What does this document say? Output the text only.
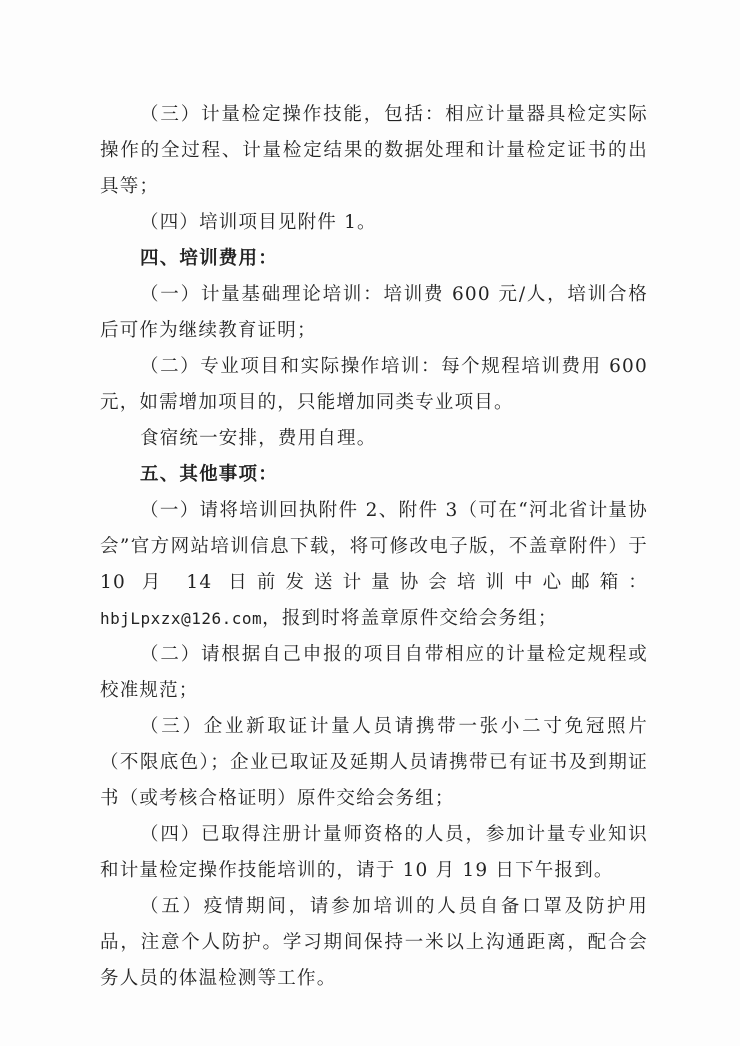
（三）计量检定操作技能，包括：相应计量器具检定实际操作的全过程、计量检定结果的数据处理和计量检定证书的出具等；

（四）培训项目见附件 1。

四、培训费用：

（一）计量基础理论培训：培训费 600 元/人，培训合格后可作为继续教育证明；

（二）专业项目和实际操作培训：每个规程培训费用 600 元，如需增加项目的，只能增加同类专业项目。

食宿统一安排，费用自理。

五、其他事项：

（一）请将培训回执附件 2、附件 3（可在“河北省计量协会”官方网站培训信息下载，将可修改电子版，不盖章附件）于 10 月 14 日前发送计量协会培训中心邮箱：hbjLpxzx@126.com，报到时将盖章原件交给会务组；

（二）请根据自己申报的项目自带相应的计量检定规程或校准规范；

（三）企业新取证计量人员请携带一张小二寸免冠照片（不限底色）；企业已取证及延期人员请携带已有证书及到期证书（或考核合格证明）原件交给会务组；

（四）已取得注册计量师资格的人员，参加计量专业知识和计量检定操作技能培训的，请于 10 月 19 日下午报到。

（五）疫情期间，请参加培训的人员自备口罩及防护用品，注意个人防护。学习期间保持一米以上沟通距离，配合会务人员的体温检测等工作。
